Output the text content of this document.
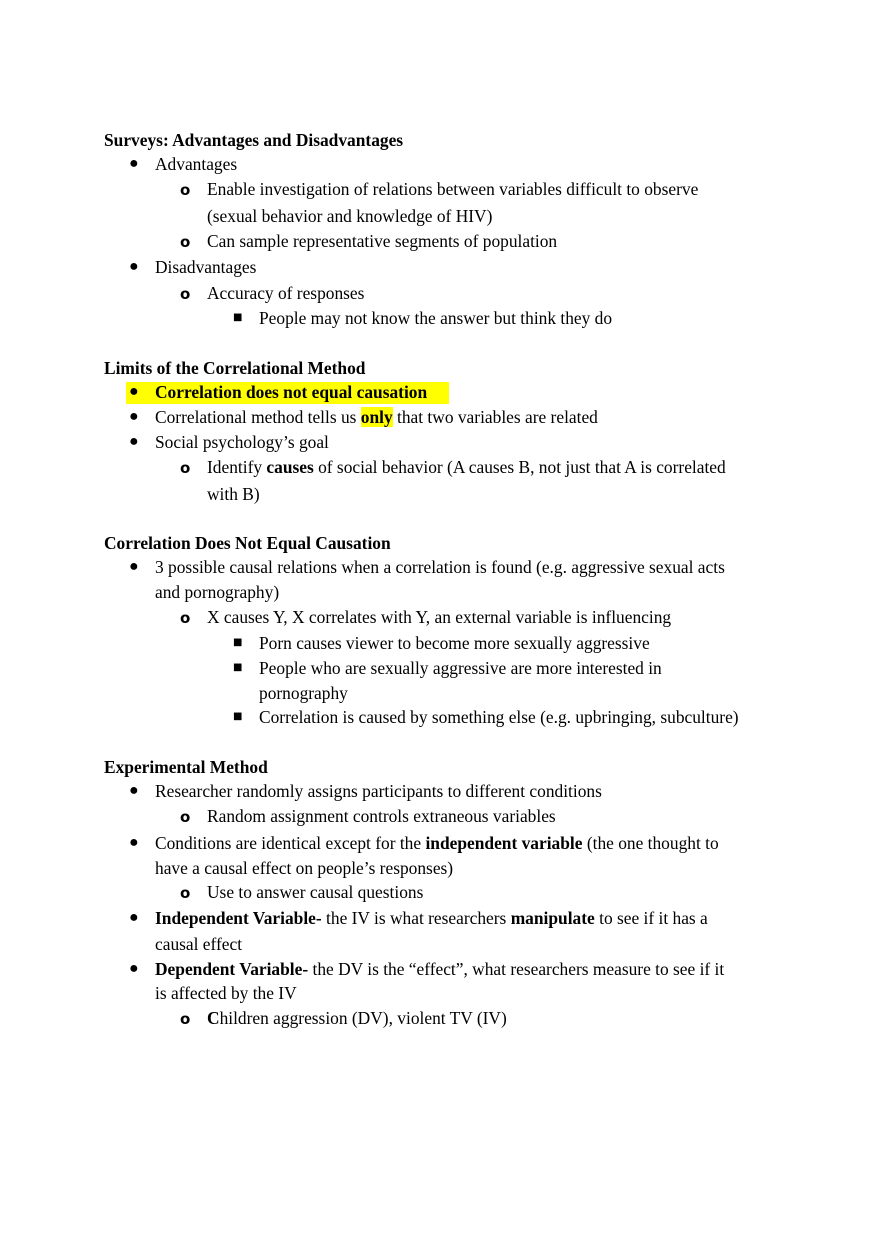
Surveys: Advantages and Disadvantages
● Advantages
o Enable investigation of relations between variables difficult to observe
(sexual behavior and knowledge of HIV)
o Can sample representative segments of population
● Disadvantages
o Accuracy of responses
■ People may not know the answer but think they do
Limits of the Correlational Method
● Correlation does not equal causation
● Correlational method tells us only that two variables are related
● Social psychology’s goal
o Identify causes of social behavior (A causes B, not just that A is correlated
with B)
Correlation Does Not Equal Causation
● 3 possible causal relations when a correlation is found (e.g. aggressive sexual acts
and pornography)
o X causes Y, X correlates with Y, an external variable is influencing
■ Porn causes viewer to become more sexually aggressive
■ People who are sexually aggressive are more interested in
pornography
■ Correlation is caused by something else (e.g. upbringing, subculture)
Experimental Method
● Researcher randomly assigns participants to different conditions
o Random assignment controls extraneous variables
● Conditions are identical except for the independent variable (the one thought to
have a causal effect on people’s responses)
o Use to answer causal questions
● Independent Variable- the IV is what researchers manipulate to see if it has a
causal effect
● Dependent Variable- the DV is the “effect”, what researchers measure to see if it
is affected by the IV
o Children aggression (DV), violent TV (IV)
